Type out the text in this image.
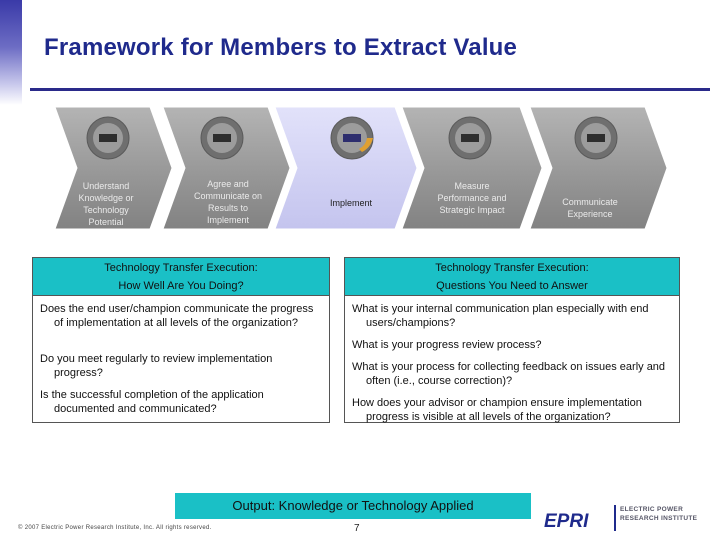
Framework for Members to Extract Value
Understand Knowledge or Technology Potential
Agree and Communicate on Results to Implement
Implement
Measure Performance and Strategic Impact
Communicate Experience
Technology Transfer Execution:
How Well Are You Doing?
Does the end user/champion communicate the progress of implementation at all levels of the organization?
Do you meet regularly to review implementation progress?
Is the successful completion of the application documented and communicated?
Technology Transfer Execution:
Questions You Need to Answer
What is your internal communication plan especially with end users/champions?
What is your progress review process?
What is your process for collecting feedback on issues early and often (i.e., course correction)?
How does your advisor or champion ensure implementation progress is visible at all levels of the organization?
Output: Knowledge or Technology Applied
© 2007 Electric Power Research Institute, Inc. All rights reserved.	7	EPRI
ELECTRIC POWER
RESEARCH INSTITUTE
